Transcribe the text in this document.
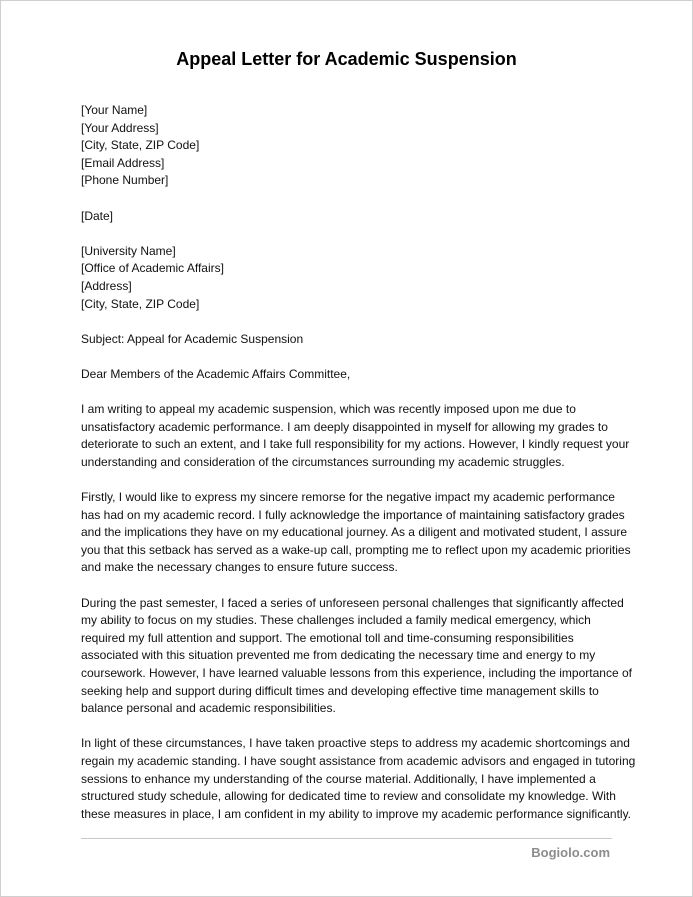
Appeal Letter for Academic Suspension
[Your Name]
[Your Address]
[City, State, ZIP Code]
[Email Address]
[Phone Number]
[Date]
[University Name]
[Office of Academic Affairs]
[Address]
[City, State, ZIP Code]
Subject: Appeal for Academic Suspension
Dear Members of the Academic Affairs Committee,
I am writing to appeal my academic suspension, which was recently imposed upon me due to
unsatisfactory academic performance. I am deeply disappointed in myself for allowing my grades to
deteriorate to such an extent, and I take full responsibility for my actions. However, I kindly request your
understanding and consideration of the circumstances surrounding my academic struggles.
Firstly, I would like to express my sincere remorse for the negative impact my academic performance
has had on my academic record. I fully acknowledge the importance of maintaining satisfactory grades
and the implications they have on my educational journey. As a diligent and motivated student, I assure
you that this setback has served as a wake-up call, prompting me to reflect upon my academic priorities
and make the necessary changes to ensure future success.
During the past semester, I faced a series of unforeseen personal challenges that significantly affected
my ability to focus on my studies. These challenges included a family medical emergency, which
required my full attention and support. The emotional toll and time-consuming responsibilities
associated with this situation prevented me from dedicating the necessary time and energy to my
coursework. However, I have learned valuable lessons from this experience, including the importance of
seeking help and support during difficult times and developing effective time management skills to
balance personal and academic responsibilities.
In light of these circumstances, I have taken proactive steps to address my academic shortcomings and
regain my academic standing. I have sought assistance from academic advisors and engaged in tutoring
sessions to enhance my understanding of the course material. Additionally, I have implemented a
structured study schedule, allowing for dedicated time to review and consolidate my knowledge. With
these measures in place, I am confident in my ability to improve my academic performance significantly.
Bogiolo.com
